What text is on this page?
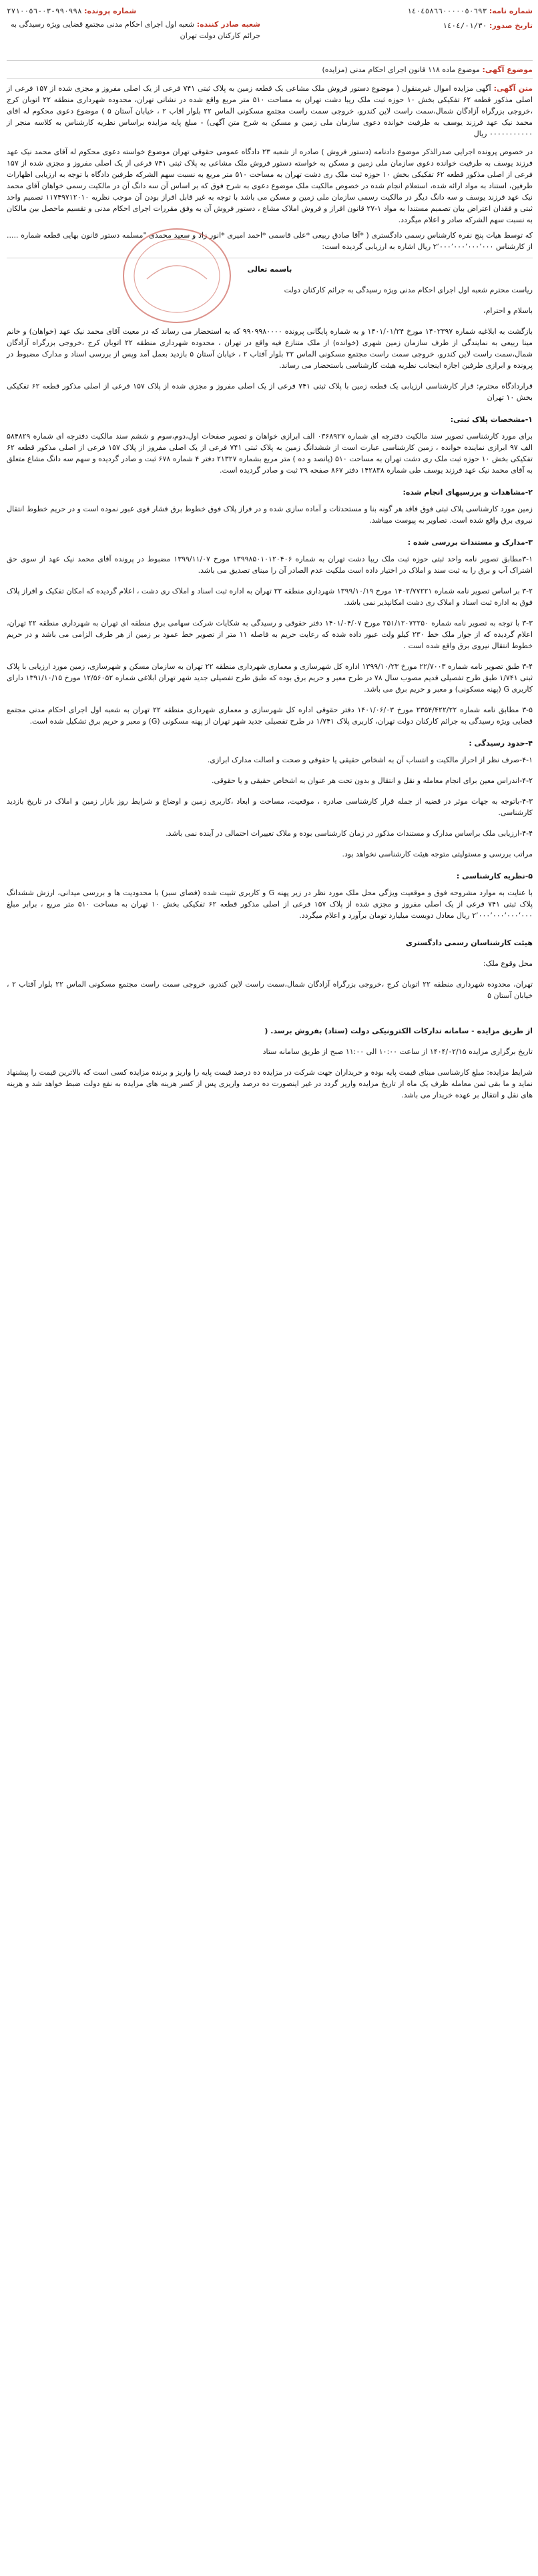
شماره نامه: ١٤٠٤٥٨٦٦٠٠٠٠٠٥٠٦٩٣
شماره پرونده: ٩٩٠٩٩٨-٠٣-٢٧١٠٠٥٦
تاریخ صدور: ١٤٠٤/٠١/٣٠
شعبه صادر کننده: شعبه اول اجرای احکام مدنی مجتمع قضایی ویژه رسیدگی به جرائم کارکنان دولت تهران
موضوع آگهی: موضوع ماده ۱۱۸ قانون اجرای احکام مدنی (مزایده)
متن آگهی: آگهی مزایده اموال غیرمنقول ( موضوع دستور فروش ملک مشاعی یک قطعه زمین به پلاک ثبتی ۷۴۱ فرعی از یک اصلی مفروز و مجزی شده از ۱۵۷ فرعی از اصلی مذکور قطعه ۶۲ تفکیکی بخش ۱۰ حوزه ثبت ملک ریبا دشت تهران به مساحت ۵۱۰ متر مربع واقع شده در نشانی تهران، محدوده شهرداری منطقه ۲۲ اتوبان کرج ،خروجی بزرگراه آزادگان شمال،سمت راست لاین کندرو، خروجی سمت راست مجتمع مسکونی الماس ۲۲ بلوار اقاب ۲ ، خیابان آستان ۵ ) موضوع دعوی محکوم له اقای محمد نیک عهد فرزند یوسف به طرفیت خوانده دعوی سازمان ملی زمین و مسکن به شرح متن آگهی) - مبلغ پایه مزایده براساس نظریه کارشناس به کلاسه منجر از ٠٠٠٠٠٠٠٠٠٠٠ ریال
در خصوص پرونده اجرایی صدرالذکر موضوع دادنامه (دستور فروش ) صادره از شعبه ۲۳ دادگاه عمومی حقوقی تهران موضوع خواسته دعوی محکوم له آقای محمد نیک عهد فرزند یوسف به طرفیت خوانده دعوی سازمان ملی زمین و مسکن به خواسته دستور فروش ملک مشاعی به پلاک ثبتی ۷۴۱ فرعی از یک اصلی مفروز و مجزی شده از ۱۵۷ فرعی از اصلی مذکور قطعه ۶۲ تفکیکی بخش ۱۰ حوزه ثبت ملک ری دشت تهران به مساحت ۵۱۰ متر مربع به نسبت سهم الشرکه طرفین دادگاه با توجه به ارزیابی اظهارات طرفین، استناد به مواد ارائه شده، استعلام انجام شده در خصوص مالکیت ملک موضوع دعوی به شرح فوق که بر اساس آن سه دانگ آن در مالکیت رسمی خواهان آقای محمد نیک عهد فرزند یوسف و سه دانگ دیگر در مالکیت رسمی سازمان ملی زمین و مسکن می باشد با توجه به غیر قابل افراز بودن آن موجب نظریه ۱۱۷۴۹۷۱۲۰۱۰ تصمیم واحد ثبتی و فقدان اعتراض بیان تصمیم مستندا به مواد ۱-۲۷ قانون افراز و فروش املاک مشاع ، دستور فروش آن به وفق مقررات اجرای احکام مدنی و تقسیم ماحصل بین مالکان به نسبت سهم الشرکه صادر و اعلام میگردد.
که توسط هیات پنج نفره کارشناس رسمی دادگستری ( *آقا صادق ربیعی *علی قاسمی *احمد امیری *انور زاد و سعید محمدی "مسلمه دستور قانون بهایی قطعه شماره ..... از کارشناس ۲٬۰۰۰٬۰۰۰٬۰۰۰٬۰۰۰ ریال اشاره به ارزیابی گردیده است:

باسمه تعالی

ریاست محترم شعبه اول اجرای احکام مدنی ویژه رسیدگی به جرائم کارکنان دولت

باسلام و احترام،

بازگشت به ابلاغیه شماره ۱۴۰۲۳۹۷ مورخ ۱۴۰۱/۰۱/۲۴ و به شماره پایگانی پرونده ٩٩٠٩٩٨٠٠٠٠ که به استحضار می رساند که در معیت آقای محمد نیک عهد (خواهان) و خانم مینا ربیعی به نمایندگی از طرف سازمان زمین شهری (خوانده) از ملک متنازع فیه واقع در تهران ، محدوده شهرداری منطقه ۲۲ اتوبان کرج ،خروجی بزرگراه آزادگان شمال،سمت راست لاین کندرو، خروجی سمت راست مجتمع مسکونی الماس ۲۲ بلوار آفتاب ۲ ، خیابان آستان ۵ بازدید بعمل آمد وپس از بررسی اسناد و مدارک مضبوط در پرونده و ابرازی طرفین اجازه اینجانب نظریه هیئت کارشناسی باستحضار می رساند.

قراردادگاه محترم: قرار کارشناسی ارزیابی یک قطعه زمین با پلاک ثبتی ۷۴۱ فرعی از یک اصلی مفروز و مجزی شده از پلاک ۱۵۷ فرعی از اصلی مذکور قطعه ۶۲ تفکیکی بخش ۱۰ تهران

۱-مشخصات پلاک ثبتی:

برای مورد کارشناسی تصویر سند مالکیت دفترچه ای شماره ۰۳۶۸۹۲۷ الف ابرازی خواهان و تصویر صفحات اول،دوم،سوم و ششم سند مالکیت دفترچه ای شماره ۵۸۴۸۲۹ الف ۹۷ ابرازی نماینده خوانده ، زمین کارشناسی عبارت است از ششدانگ زمین به پلاک ثبتی ۷۴۱ فرعی از یک اصلی مفروز از پلاک ۱۵۷ فرعی از اصلی مذکور قطعه ۶۲ تفکیکی بخش ۱۰ حوزه ثبت ملک ری دشت تهران به مساحت ۵۱۰ (پانصد و ده ) متر مربع بشماره ۲۱۳۲۷ دفتر ۴ شماره ۶۷۸ ثبت و صادر گردیده و سهم سه دانگ مشاع متعلق به آقای محمد نیک عهد فرزند یوسف طی شماره ۱۴۲۸۳۸ دفتر ۸۶۷ صفحه ۲۹ ثبت و صادر گردیده است.

۲-مشاهدات و بررسیهای انجام شده:

زمین مورد کارشناسی پلاک ثبتی فوق فاقد هر گونه بنا و مستحدثات و آماده سازی شده و در فراز پلاک فوق خطوط برق فشار قوی عبور نموده است و در حریم خطوط انتقال نیروی برق واقع شده است. تصاویر به پیوست میباشد.

۳-مدارک و مستندات بررسی شده :

۳-۱مطابق تصویر نامه واحد ثبتی حوزه ثبت ملک ریبا دشت تهران به شماره ۱۳۹۹۸۵۰۱۰۱۲۰۴۰۶ مورخ ۱۳۹۹/۱۱/۰۷ مضبوط در پرونده آقای محمد نیک عهد از سوی حق اشتراک آب و برق را به ثبت سند و املاک در اختیار داده است ملکیت عدم الصادر آن را مبنای تصدیق می باشد.

۳-۲ بر اساس تصویر نامه شماره ۱۴۰۲/۷۷۲۲۱ مورخ ۱۳۹۹/۱۰/۱۹ شهرداری منطقه ۲۲ تهران به اداره ثبت اسناد و املاک ری دشت ، اعلام گردیده که امکان تفکیک و افراز پلاک فوق به اداره ثبت اسناد و املاک ری دشت امکانپذیر نمی باشد.

۳-۳ با توجه به تصویر نامه شماره ۲۵۱/۱۲۰۷۲۲۵۰ مورخ ۱۴۰۱/۰۴/۰۷ دفتر حقوقی و رسیدگی به شکایات شرکت سهامی برق منطقه ای تهران به شهرداری منطقه ۲۲ تهران، اعلام گردیده که از جوار ملک خط ۲۳۰ کیلو ولت عبور داده شده که رعایت حریم به فاصله ۱۱ متر از تصویر خط عمود بر زمین از هر طرف الزامی می باشد و در حریم خطوط انتقال نیروی برق واقع شده است .

۳-۴ طبق تصویر نامه شماره ۲۲/۷۰۰۳ مورخ ۱۳۹۹/۱۰/۲۳ اداره کل شهرسازی و معماری شهرداری منطقه ۲۲ تهران به سازمان مسکن و شهرسازی، زمین مورد ارزیابی با پلاک ثبتی ۱/۷۴۱ طبق طرح تفصیلی قدیم مصوب سال ۷۸ در طرح معبر و حریم برق بوده که طبق طرح تفصیلی جدید شهر تهران ابلاغی شماره ۱۲/۵۶۰۵۲ مورخ ۱۳۹۱/۱۰/۱۵ دارای کاربری G (پهنه مسکونی) و معبر و حریم برق می باشد.

۳-۵ مطابق نامه شماره ۲۳۵۴/۴۲۲/۲۲ مورخ ۱۴۰۱/۰۶/۰۳ دفتر حقوقی اداره کل شهرسازی و معماری شهرداری منطقه ۲۲ تهران به شعبه اول اجرای احکام مدنی مجتمع قضایی ویژه رسیدگی به جرائم کارکنان دولت تهران، کاربری پلاک ۱/۷۴۱ در طرح تفصیلی جدید شهر تهران از پهنه مسکونی (G) و معبر و حریم برق تشکیل شده است.

۴-حدود رسیدگی :

۴-۱-صرف نظر از احراز مالکیت و انتساب آن به اشخاص حقیقی یا حقوقی و صحت و اصالت مدارک ابرازی.

۴-۲-اندراس معین برای انجام معامله و نقل و انتقال و بدون تحت هر عنوان به اشخاص حقیقی و یا حقوقی.

۴-۳-باتوجه به جهات موثر در قضیه از جمله قرار کارشناسی صادره ، موقعیت، مساحت و ابعاد ،کاربری زمین و اوضاع و شرایط روز بازار زمین و املاک در تاریخ بازدید کارشناسی.

۴-۴-ارزیابی ملک براساس مدارک و مستندات مذکور در زمان کارشناسی بوده و ملاک تغییرات احتمالی در آینده نمی باشد.

مراتب بررسی و مستولیتی متوجه هیئت کارشناسی نخواهد بود.

۵-نظریه کارشناسی :

با عنایت به موارد مشروحه فوق و موقعیت ویژگی محل ملک مورد نظر در زیر پهنه G و کاربری تثبیت شده (فضای سبز) با محدودیت ها و بررسی میدانی، ارزش ششدانگ پلاک ثبتی ۷۴۱ فرعی از یک اصلی مفروز و مجزی شده از پلاک ۱۵۷ فرعی از اصلی مذکور قطعه ۶۲ تفکیکی بخش ۱۰ تهران به مساحت ۵۱۰ متر مربع ، برابر مبلغ ۲٬۰۰۰٬۰۰۰٬۰۰۰٬۰۰۰ ریال معادل دویست میلیارد تومان برآورد و اعلام میگردد.

هیئت کارشناسان رسمی دادگستری

محل وقوع ملک:

تهران، محدوده شهرداری منطقه ۲۲ اتوبان کرج ،خروجی بزرگراه آزادگان شمال،سمت راست لاین کندرو، خروجی سمت راست مجتمع مسکونی الماس ۲۲ بلوار آفتاب ۲ ، خیابان آستان ۵

از طریق مزایده - سامانه تدارکات الکترونیکی دولت (ستاد) بفروش برسد. (

تاریخ برگزاری مزایده ۱۴۰۴/۰۲/۱۵ از ساعت ۱۰:۰۰ الی ۱۱:۰۰ صبح از طریق سامانه ستاد

شرایط مزایده: مبلغ کارشناسی مبنای قیمت پایه بوده و خریداران جهت شرکت در مزایده ده درصد قیمت پایه را واریز و برنده مزایده کسی است که بالاترین قیمت را پیشنهاد نماید و ما بقی ثمن معامله ظرف یک ماه از تاریخ مزایده واریز گردد در غیر اینصورت ده درصد واریزی پس از کسر هزینه های مزایده به نفع دولت ضبط خواهد شد و هزینه های نقل و انتقال بر عهده خریدار می باشد.
